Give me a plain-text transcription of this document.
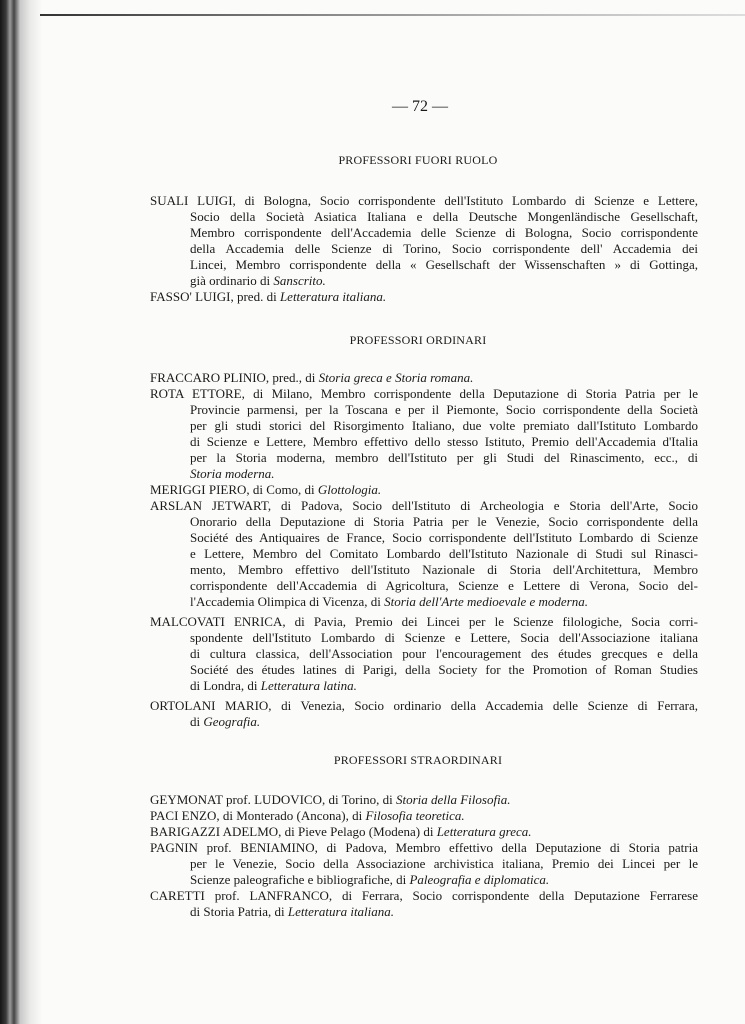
— 72 —
PROFESSORI FUORI RUOLO
SUALI LUIGI, di Bologna, Socio corrispondente dell'Istituto Lombardo di Scienze e Lettere,
Socio della Società Asiatica Italiana e della Deutsche Mongenländische Gesellschaft,
Membro corrispondente dell'Accademia delle Scienze di Bologna, Socio corrispondente
della Accademia delle Scienze di Torino, Socio corrispondente dell' Accademia dei
Lincei, Membro corrispondente della « Gesellschaft der Wissenschaften » di Gottinga,
già ordinario di Sanscrito.
FASSO' LUIGI, pred. di Letteratura italiana.
PROFESSORI ORDINARI
FRACCARO PLINIO, pred., di Storia greca e Storia romana.
ROTA ETTORE, di Milano, Membro corrispondente della Deputazione di Storia Patria per le
Provincie parmensi, per la Toscana e per il Piemonte, Socio corrispondente della Società
per gli studi storici del Risorgimento Italiano, due volte premiato dall'Istituto Lombardo
di Scienze e Lettere, Membro effettivo dello stesso Istituto, Premio dell'Accademia d'Italia
per la Storia moderna, membro dell'Istituto per gli Studi del Rinascimento, ecc., di
Storia moderna.
MERIGGI PIERO, di Como, di Glottologia.
ARSLAN JETWART, di Padova, Socio dell'Istituto di Archeologia e Storia dell'Arte, Socio
Onorario della Deputazione di Storia Patria per le Venezie, Socio corrispondente della
Société des Antiquaires de France, Socio corrispondente dell'Istituto Lombardo di Scienze
e Lettere, Membro del Comitato Lombardo dell'Istituto Nazionale di Studi sul Rinasci-
mento, Membro effettivo dell'Istituto Nazionale di Storia dell'Architettura, Membro
corrispondente dell'Accademia di Agricoltura, Scienze e Lettere di Verona, Socio del-
l'Accademia Olimpica di Vicenza, di Storia dell'Arte medioevale e moderna.
MALCOVATI ENRICA, di Pavia, Premio dei Lincei per le Scienze filologiche, Socia corri-
spondente dell'Istituto Lombardo di Scienze e Lettere, Socia dell'Associazione italiana
di cultura classica, dell'Association pour l'encouragement des études grecques e della
Société des études latines di Parigi, della Society for the Promotion of Roman Studies
di Londra, di Letteratura latina.
ORTOLANI MARIO, di Venezia, Socio ordinario della Accademia delle Scienze di Ferrara,
di Geografia.
PROFESSORI STRAORDINARI
GEYMONAT prof. LUDOVICO, di Torino, di Storia della Filosofia.
PACI ENZO, di Monterado (Ancona), di Filosofia teoretica.
BARIGAZZI ADELMO, di Pieve Pelago (Modena) di Letteratura greca.
PAGNIN prof. BENIAMINO, di Padova, Membro effettivo della Deputazione di Storia patria
per le Venezie, Socio della Associazione archivistica italiana, Premio dei Lincei per le
Scienze paleografiche e bibliografiche, di Paleografia e diplomatica.
CARETTI prof. LANFRANCO, di Ferrara, Socio corrispondente della Deputazione Ferrarese
di Storia Patria, di Letteratura italiana.
